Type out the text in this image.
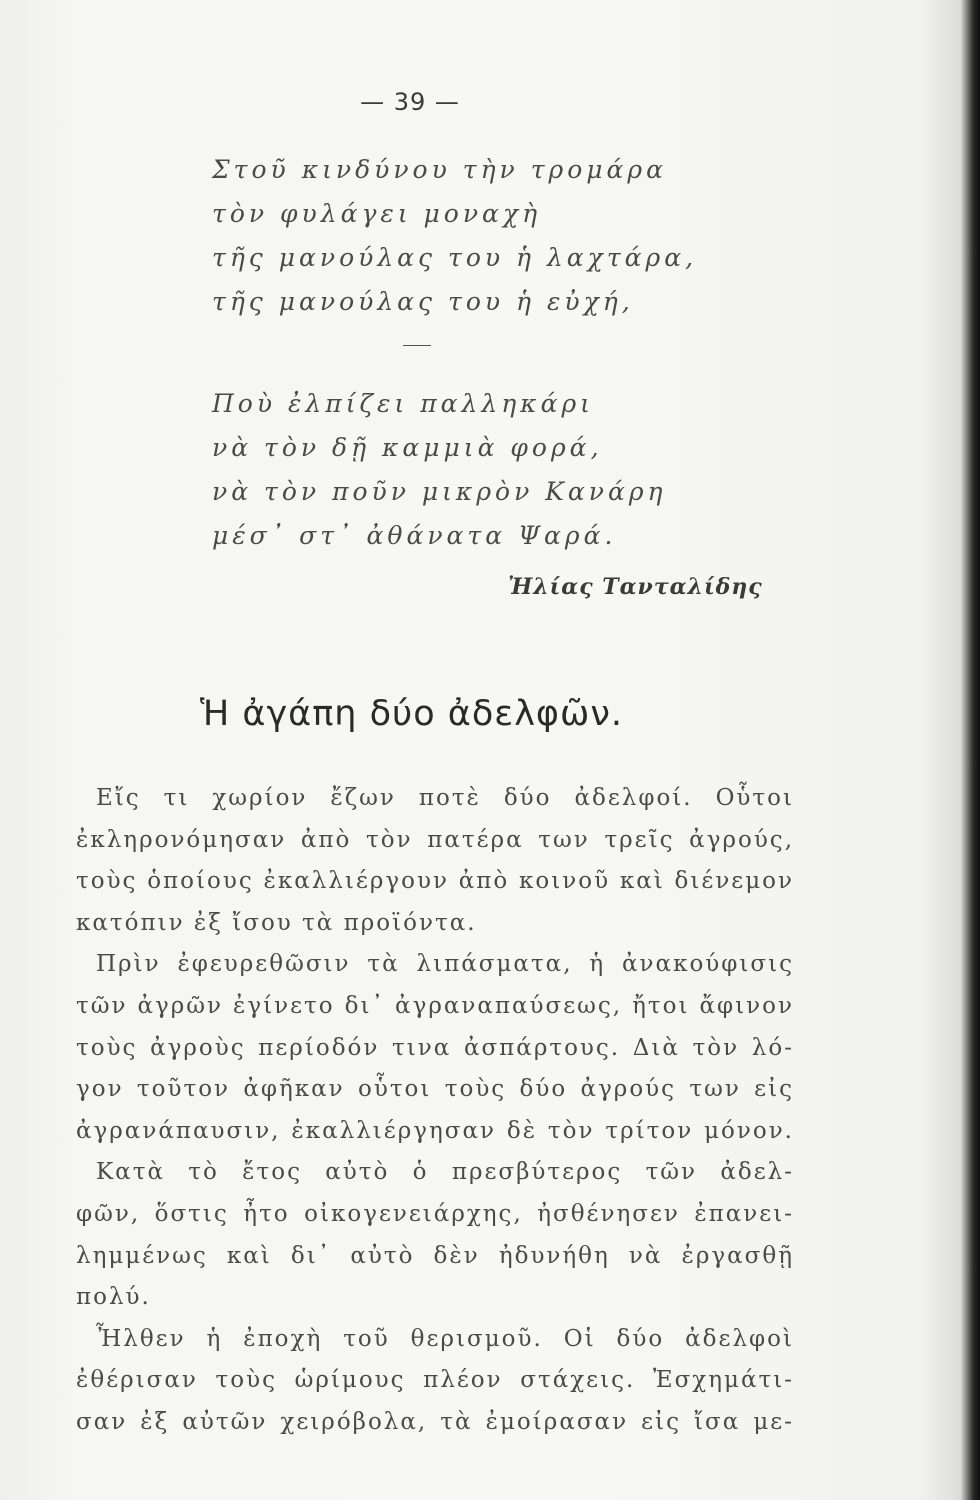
— 39 —
Στοῦ κινδύνου τὴν τρομάρα
τὸν φυλάγει μοναχὴ
τῆς μανούλας του ἡ λαχτάρα,
τῆς μανούλας του ἡ εὐχή,
Ποὺ ἐλπίζει παλληκάρι
νὰ τὸν δῇ καμμιὰ φορά,
νὰ τὸν ποῦν μικρὸν Κανάρη
μέσ᾽ στ᾽ ἀθάνατα Ψαρά.
Ἠλίας Τανταλίδης
Ἡ ἀγάπη δύο ἀδελφῶν.
Εἴς τι χωρίον ἔζων ποτὲ δύο ἀδελφοί. Οὗτοι
ἐκληρονόμησαν ἀπὸ τὸν πατέρα των τρεῖς ἀγρούς,
τοὺς ὁποίους ἐκαλλιέργουν ἀπὸ κοινοῦ καὶ διένεμον
κατόπιν ἐξ ἴσου τὰ προϊόντα.
Πρὶν ἐφευρεθῶσιν τὰ λιπάσματα, ἡ ἀνακούφισις
τῶν ἀγρῶν ἐγίνετο δι᾽ ἀγραναπαύσεως, ἤτοι ἄφινον
τοὺς ἀγροὺς περίοδόν τινα ἀσπάρτους. Διὰ τὸν λό-
γον τοῦτον ἀφῆκαν οὗτοι τοὺς δύο ἀγρούς των εἰς
ἀγρανάπαυσιν, ἐκαλλιέργησαν δὲ τὸν τρίτον μόνον.
Κατὰ τὸ ἔτος αὐτὸ ὁ πρεσβύτερος τῶν ἀδελ-
φῶν, ὅστις ἦτο οἰκογενειάρχης, ἠσθένησεν ἐπανει-
λημμένως καὶ δι᾽ αὐτὸ δὲν ἠδυνήθη νὰ ἐργασθῇ
πολύ.
Ἦλθεν ἡ ἐποχὴ τοῦ θερισμοῦ. Οἱ δύο ἀδελφοὶ
ἐθέρισαν τοὺς ὡρίμους πλέον στάχεις. Ἐσχημάτι-
σαν ἐξ αὐτῶν χειρόβολα, τὰ ἐμοίρασαν εἰς ἴσα με-
